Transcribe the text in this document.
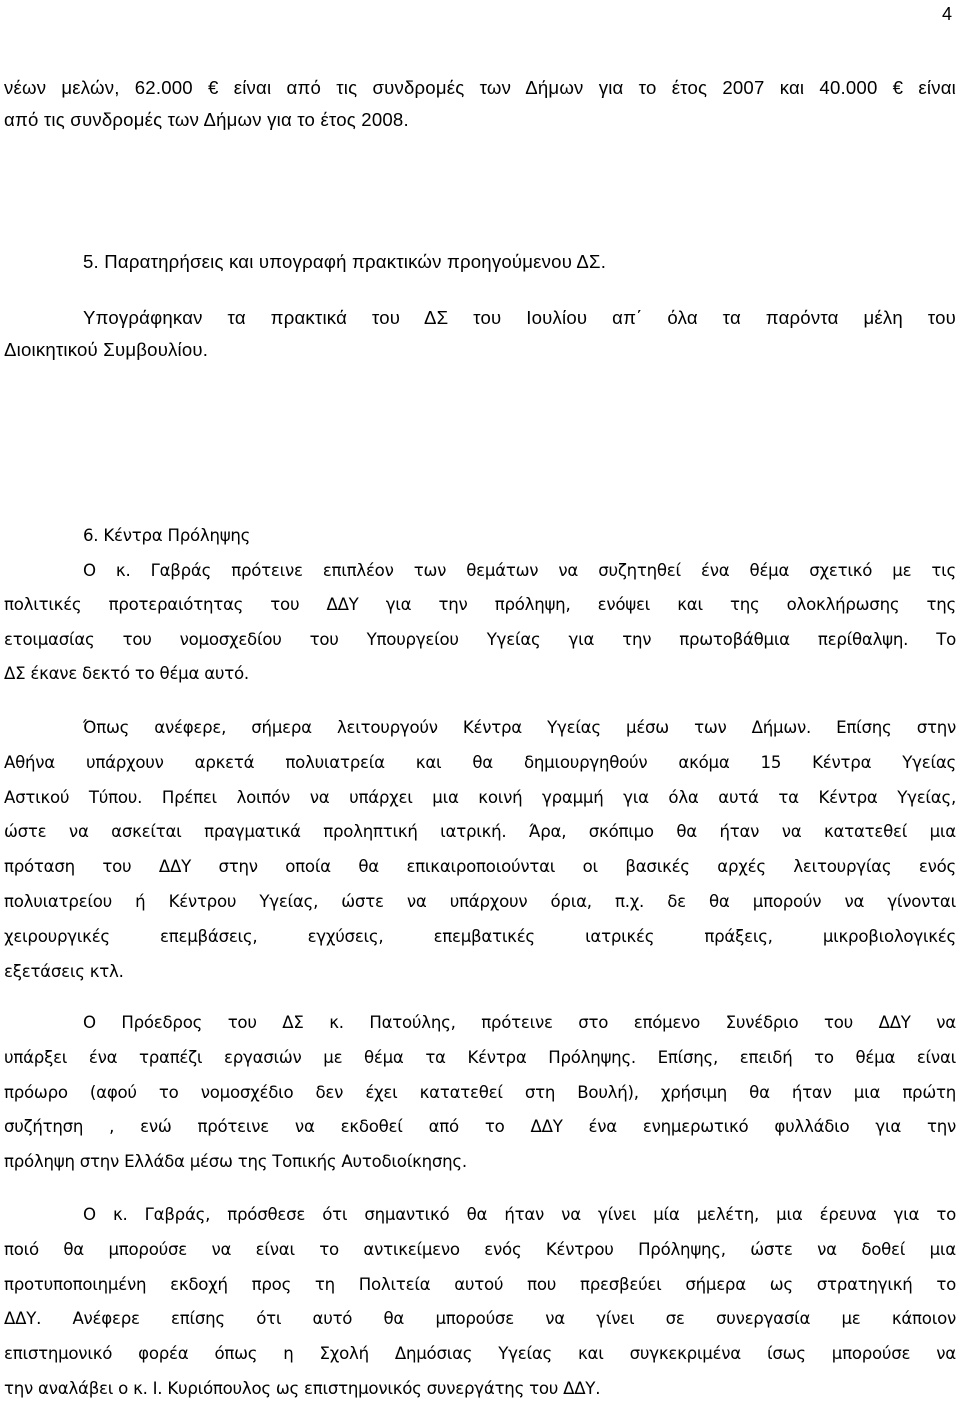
4
νέων μελών, 62.000 € είναι από τις συνδρομές των Δήμων για το έτος 2007 και 40.000 € είναι
από τις συνδρομές των Δήμων για το έτος 2008.
5. Παρατηρήσεις και υπογραφή πρακτικών προηγούμενου ΔΣ.
Υπογράφηκαν τα πρακτικά του ΔΣ του Ιουλίου απ΄ όλα τα παρόντα μέλη του
Διοικητικού Συμβουλίου.
6. Κέντρα Πρόληψης
Ο κ. Γαβράς πρότεινε επιπλέον των θεμάτων να συζητηθεί ένα θέμα σχετικό με τις
πολιτικές προτεραιότητας του ΔΔΥ για την πρόληψη, ενόψει και της ολοκλήρωσης της
ετοιμασίας του νομοσχεδίου του Υπουργείου Υγείας για την πρωτοβάθμια περίθαλψη. Το
ΔΣ έκανε δεκτό το θέμα αυτό.
Όπως ανέφερε, σήμερα λειτουργούν Κέντρα Υγείας μέσω των Δήμων. Επίσης στην
Αθήνα υπάρχουν αρκετά πολυιατρεία και θα δημιουργηθούν ακόμα 15 Κέντρα Υγείας
Αστικού Τύπου. Πρέπει λοιπόν να υπάρχει μια κοινή γραμμή για όλα αυτά τα Κέντρα Υγείας,
ώστε να ασκείται πραγματικά προληπτική ιατρική. Άρα, σκόπιμο θα ήταν να κατατεθεί μια
πρόταση του ΔΔΥ στην οποία θα επικαιροποιούνται οι βασικές αρχές λειτουργίας ενός
πολυιατρείου ή Κέντρου Υγείας, ώστε να υπάρχουν όρια, π.χ. δε θα μπορούν να γίνονται
χειρουργικές επεμβάσεις, εγχύσεις, επεμβατικές ιατρικές πράξεις, μικροβιολογικές
εξετάσεις κτλ.
Ο Πρόεδρος του ΔΣ κ. Πατούλης, πρότεινε στο επόμενο Συνέδριο του ΔΔΥ να
υπάρξει ένα τραπέζι εργασιών με θέμα τα Κέντρα Πρόληψης. Επίσης, επειδή το θέμα είναι
πρόωρο (αφού το νομοσχέδιο δεν έχει κατατεθεί στη Βουλή), χρήσιμη θα ήταν μια πρώτη
συζήτηση , ενώ πρότεινε να εκδοθεί από το ΔΔΥ ένα ενημερωτικό φυλλάδιο για την
πρόληψη στην Ελλάδα μέσω της Τοπικής Αυτοδιοίκησης.
Ο κ. Γαβράς, πρόσθεσε ότι σημαντικό θα ήταν να γίνει μία μελέτη, μια έρευνα για το
ποιό θα μπορούσε να είναι το αντικείμενο ενός Κέντρου Πρόληψης, ώστε να δοθεί μια
προτυποποιημένη εκδοχή προς τη Πολιτεία αυτού που πρεσβεύει σήμερα ως στρατηγική το
ΔΔΥ. Ανέφερε επίσης ότι αυτό θα μπορούσε να γίνει σε συνεργασία με κάποιον
επιστημονικό φορέα όπως η Σχολή Δημόσιας Υγείας και συγκεκριμένα ίσως μπορούσε να
την αναλάβει ο κ. Ι. Κυριόπουλος ως επιστημονικός συνεργάτης του ΔΔΥ.
